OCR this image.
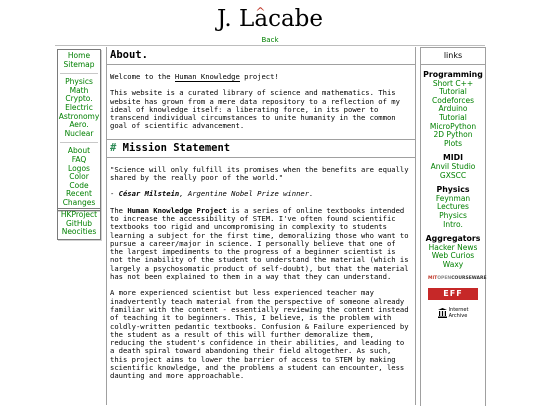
J. L^ acabe
Back
Home
Sitemap
Physics
Math
Crypto.
Electric
Astronomy
Aero.
Nuclear
About
FAQ
Logos
Color
Code
Recent
Changes
HKProject
GitHub
Neocities
About.

Welcome to the Human Knowledge project!

This website is a curated library of science and mathematics. This website has grown from a mere data repository to a reflection of my ideal of knowledge itself: a liberating force, in its power to transcend individual circumstances to unite humanity in the common goal of scientific advancement.

# Mission Statement

"Science will only fulfill its promises when the benefits are equally shared by the really poor of the world."

- César Milstein, Argentine Nobel Prize winner.

The Human Knowledge Project is a series of online textbooks intended to increase the accessibility of STEM. I've often found scientific textbooks too rigid and uncompromising in complexity to students learning a subject for the first time, demoralizing those who want to pursue a career/major in science. I personally believe that one of the largest impediments to the progress of a beginner scientist is not the inability of the student to understand the material (which is largely a psychosomatic product of self-doubt), but that the material has not been explained to them in a way that they can understand.

A more experienced scientist but less experienced teacher may inadvertently teach material from the perspective of someone already familiar with the content - essentially reviewing the content instead of teaching it to beginners. This, I believe, is the problem with coldly-written pedantic textbooks. Confusion & Failure experienced by the student as a result of this will further demoralize them, reducing the student's confidence in their abilities, and leading to a death spiral toward abandoning their field altogether. As such, this project aims to lower the barrier of access to STEM by making scientific knowledge, and the problems a student can encounter, less daunting and more approachable.

links
Programming
Short C++
Tutorial
Codeforces
Arduino
Tutorial
MicroPython
2D Python
Plots
MIDI
Anvil Studio
GXSCC
Physics
Feynman
Lectures
Physics
Intro.
Aggregators
Hacker News
Web Curios
Waxy
MITOPENCOURSEWARE
EFF
Internet
Archive
